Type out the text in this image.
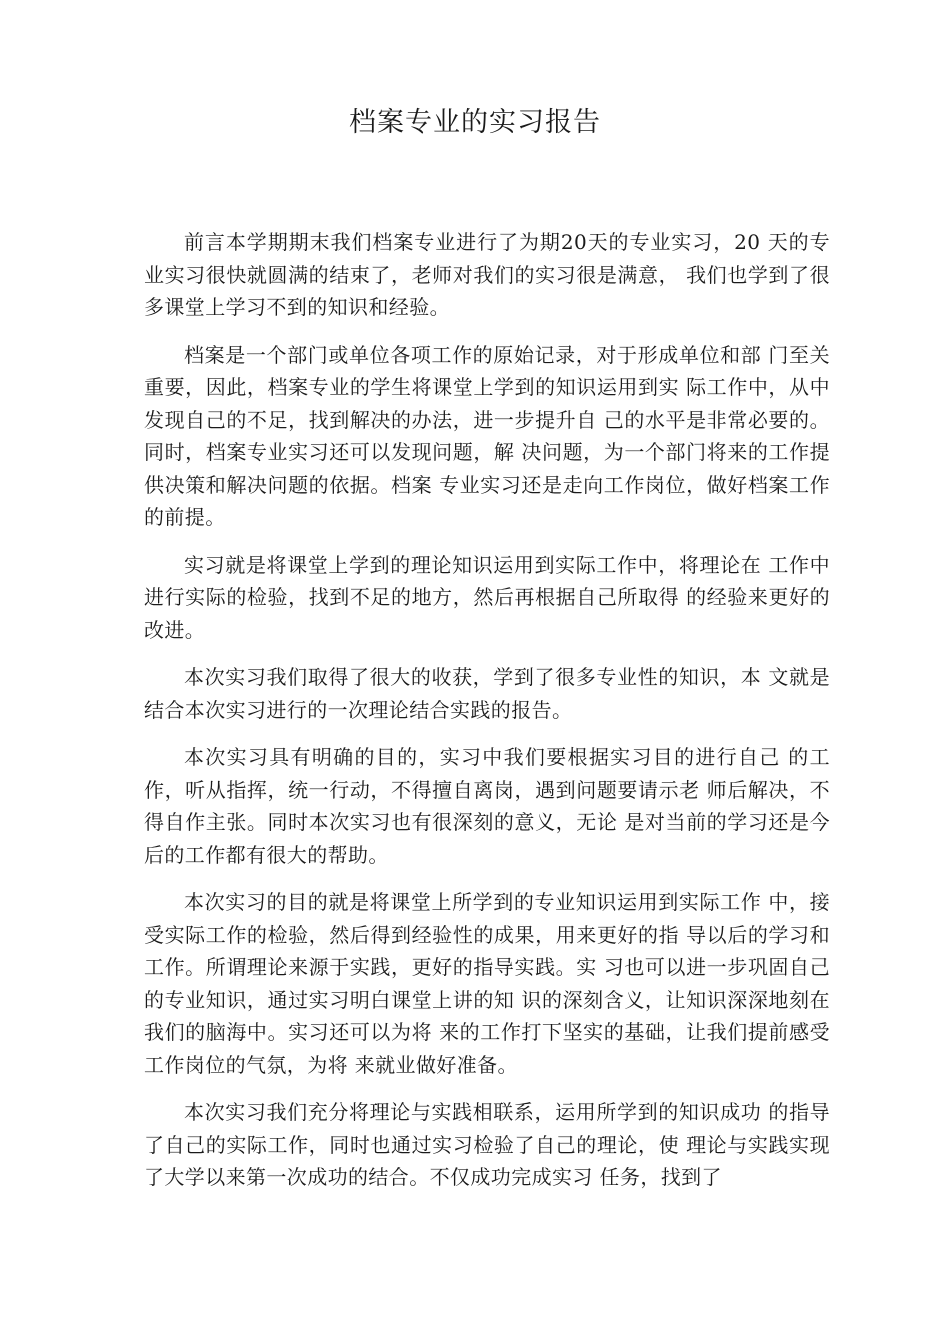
档案专业的实习报告

前言本学期期末我们档案专业进行了为期20天的专业实习，20 天的专业实习很快就圆满的结束了，老师对我们的实习很是满意， 我们也学到了很多课堂上学习不到的知识和经验。

档案是一个部门或单位各项工作的原始记录，对于形成单位和部 门至关重要，因此，档案专业的学生将课堂上学到的知识运用到实 际工作中，从中发现自己的不足，找到解决的办法，进一步提升自 己的水平是非常必要的。同时，档案专业实习还可以发现问题，解 决问题，为一个部门将来的工作提供决策和解决问题的依据。档案 专业实习还是走向工作岗位，做好档案工作的前提。

实习就是将课堂上学到的理论知识运用到实际工作中，将理论在 工作中进行实际的检验，找到不足的地方，然后再根据自己所取得 的经验来更好的改进。

本次实习我们取得了很大的收获，学到了很多专业性的知识，本 文就是结合本次实习进行的一次理论结合实践的报告。

本次实习具有明确的目的，实习中我们要根据实习目的进行自己 的工作，听从指挥，统一行动，不得擅自离岗，遇到问题要请示老 师后解决，不得自作主张。同时本次实习也有很深刻的意义，无论 是对当前的学习还是今后的工作都有很大的帮助。

本次实习的目的就是将课堂上所学到的专业知识运用到实际工作 中，接受实际工作的检验，然后得到经验性的成果，用来更好的指 导以后的学习和工作。所谓理论来源于实践，更好的指导实践。实 习也可以进一步巩固自己的专业知识，通过实习明白课堂上讲的知 识的深刻含义，让知识深深地刻在我们的脑海中。实习还可以为将 来的工作打下坚实的基础，让我们提前感受工作岗位的气氛，为将 来就业做好准备。

本次实习我们充分将理论与实践相联系，运用所学到的知识成功 的指导了自己的实际工作，同时也通过实习检验了自己的理论，使 理论与实践实现了大学以来第一次成功的结合。不仅成功完成实习 任务，找到了
